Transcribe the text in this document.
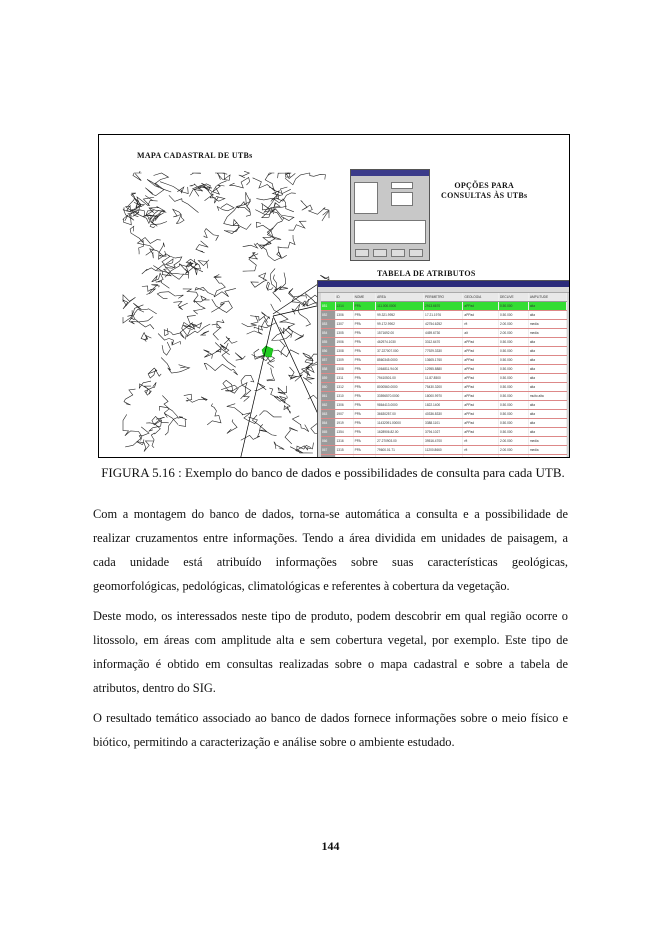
MAPA CADASTRAL DE UTBs
OPÇÕES PARA
CONSULTAS ÀS UTBs
TABELA DE ATRIBUTOS
	ID	NOME	AREA	PERIMETRO	GEOLOGIA	DECLIVE	AMPLITUDE
851	1314	PPA	111.000.0000	2913.6670	aPPad	0.50.000	alta
852	1306	PPA	99.321.9952	17.21.1976	aPPad	0.50.000	alta
853	1307	PPA	99.172.9902	42754.6252	rft	2.00.000	media
854	1305	PPA	1571692.00	4459.6730	alt	2.00.000	media
855	1906	PPA	462974.1030	3312.6470	aPPad	0.50.000	alta
856	1308	PPA	37.227007.000	77929.3330	aPPad	0.50.000	alta
857	1309	PPA	8560345.0000	13605.1760	aPPad	0.50.000	alta
858	1308	PPA	1064811.94.00	12955.8880	aPPad	0.50.000	alta
859	1311	PPA	79410501.00	11.87.8500	aPPad	0.50.000	alta
860	1312	PPA	8000560.0000	75430.3200	aPPad	0.50.000	alta
861	1310	PPA	33596570.0000	18000.9970	aPPad	0.50.000	muito alta
862	1306	PPA	9864413.0000	1822.1400	aPPad	0.50.000	alta
863	1907	PPA	36630257.00	40336.8330	aPPad	0.50.000	alta
864	1919	PPA	11432091.00000	3388.1101	aPPad	0.50.000	alta
865	1354	PPA	1628906.82.00	3794.1027	aPPad	0.50.000	alta
866	1316	PPA	27.270903.00	39516.4700	rft	2.00.000	media
867	1315	PPA	79600.01.71	11200.8660	rft	2.00.000	media

FIGURA 5.16 : Exemplo do banco de dados e possibilidades de consulta para cada UTB.

Com a montagem do banco de dados, torna-se automática a consulta e a possibilidade de realizar cruzamentos entre informações. Tendo a área dividida em unidades de paisagem, a cada unidade está atribuído informações sobre suas características geológicas, geomorfológicas, pedológicas, climatológicas e referentes à cobertura da vegetação.

Deste modo, os interessados neste tipo de produto, podem descobrir em qual região ocorre o litossolo, em áreas com amplitude alta e sem cobertura vegetal, por exemplo. Este tipo de informação é obtido em consultas realizadas sobre o mapa cadastral e sobre a tabela de atributos, dentro do SIG.

O resultado temático associado ao banco de dados fornece informações sobre o meio físico e biótico, permitindo a caracterização e análise sobre o ambiente estudado.

144
